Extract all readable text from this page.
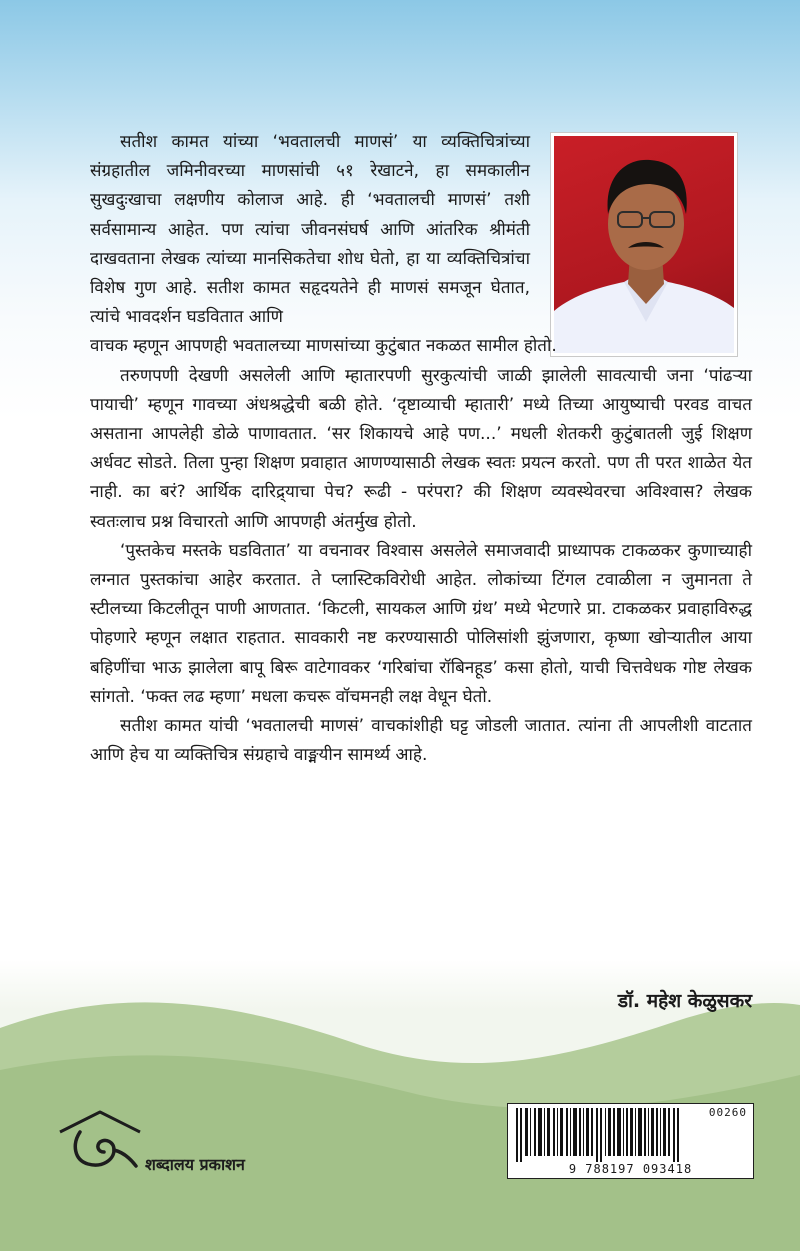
सतीश कामत यांच्या ‘भवतालची माणसं’ या व्यक्तिचित्रांच्या संग्रहातील जमिनीवरच्या माणसांची ५१ रेखाटने, हा समकालीन सुखदुःखाचा लक्षणीय कोलाज आहे. ही ‘भवतालची माणसं’ तशी सर्वसामान्य आहेत. पण त्यांचा जीवनसंघर्ष आणि आंतरिक श्रीमंती दाखवताना लेखक त्यांच्या मानसिकतेचा शोध घेतो, हा या व्यक्तिचित्रांचा विशेष गुण आहे. सतीश कामत सहृदयतेने ही माणसं समजून घेतात, त्यांचे भावदर्शन घडवितात आणि

वाचक म्हणून आपणही भवतालच्या माणसांच्या कुटुंबात नकळत सामील होतो.

तरुणपणी देखणी असलेली आणि म्हातारपणी सुरकुत्यांची जाळी झालेली सावत्याची जना ‘पांढऱ्या पायाची’ म्हणून गावच्या अंधश्रद्धेची बळी होते. ‘दृष्टाव्याची म्हातारी’ मध्ये तिच्या आयुष्याची परवड वाचत असताना आपलेही डोळे पाणावतात. ‘सर शिकायचे आहे पण...’ मधली शेतकरी कुटुंबातली जुई शिक्षण अर्धवट सोडते. तिला पुन्हा शिक्षण प्रवाहात आणण्यासाठी लेखक स्वतः प्रयत्न करतो. पण ती परत शाळेत येत नाही. का बरं? आर्थिक दारिद्र्याचा पेच? रूढी - परंपरा? की शिक्षण व्यवस्थेवरचा अविश्वास? लेखक स्वतःलाच प्रश्न विचारतो आणि आपणही अंतर्मुख होतो.

‘पुस्तकेच मस्तके घडवितात’ या वचनावर विश्वास असलेले समाजवादी प्राध्यापक टाकळकर कुणाच्याही लग्नात पुस्तकांचा आहेर करतात. ते प्लास्टिकविरोधी आहेत. लोकांच्या टिंगल टवाळीला न जुमानता ते स्टीलच्या किटलीतून पाणी आणतात. ‘किटली, सायकल आणि ग्रंथ’ मध्ये भेटणारे प्रा. टाकळकर प्रवाहाविरुद्ध पोहणारे म्हणून लक्षात राहतात. सावकारी नष्ट करण्यासाठी पोलिसांशी झुंजणारा, कृष्णा खोऱ्यातील आया बहिणींचा भाऊ झालेला बापू बिरू वाटेगावकर ‘गरिबांचा रॉबिनहूड’ कसा होतो, याची चित्तवेधक गोष्ट लेखक सांगतो. ‘फक्त लढ म्हणा’ मधला कचरू वॉचमनही लक्ष वेधून घेतो.

सतीश कामत यांची ‘भवतालची माणसं’ वाचकांशीही घट्ट जोडली जातात. त्यांना ती आपलीशी वाटतात आणि हेच या व्यक्तिचित्र संग्रहाचे वाङ्मयीन सामर्थ्य आहे.

डॉ. महेश केळुसकर
शब्दालय प्रकाशन
00260
9 788197 093418
